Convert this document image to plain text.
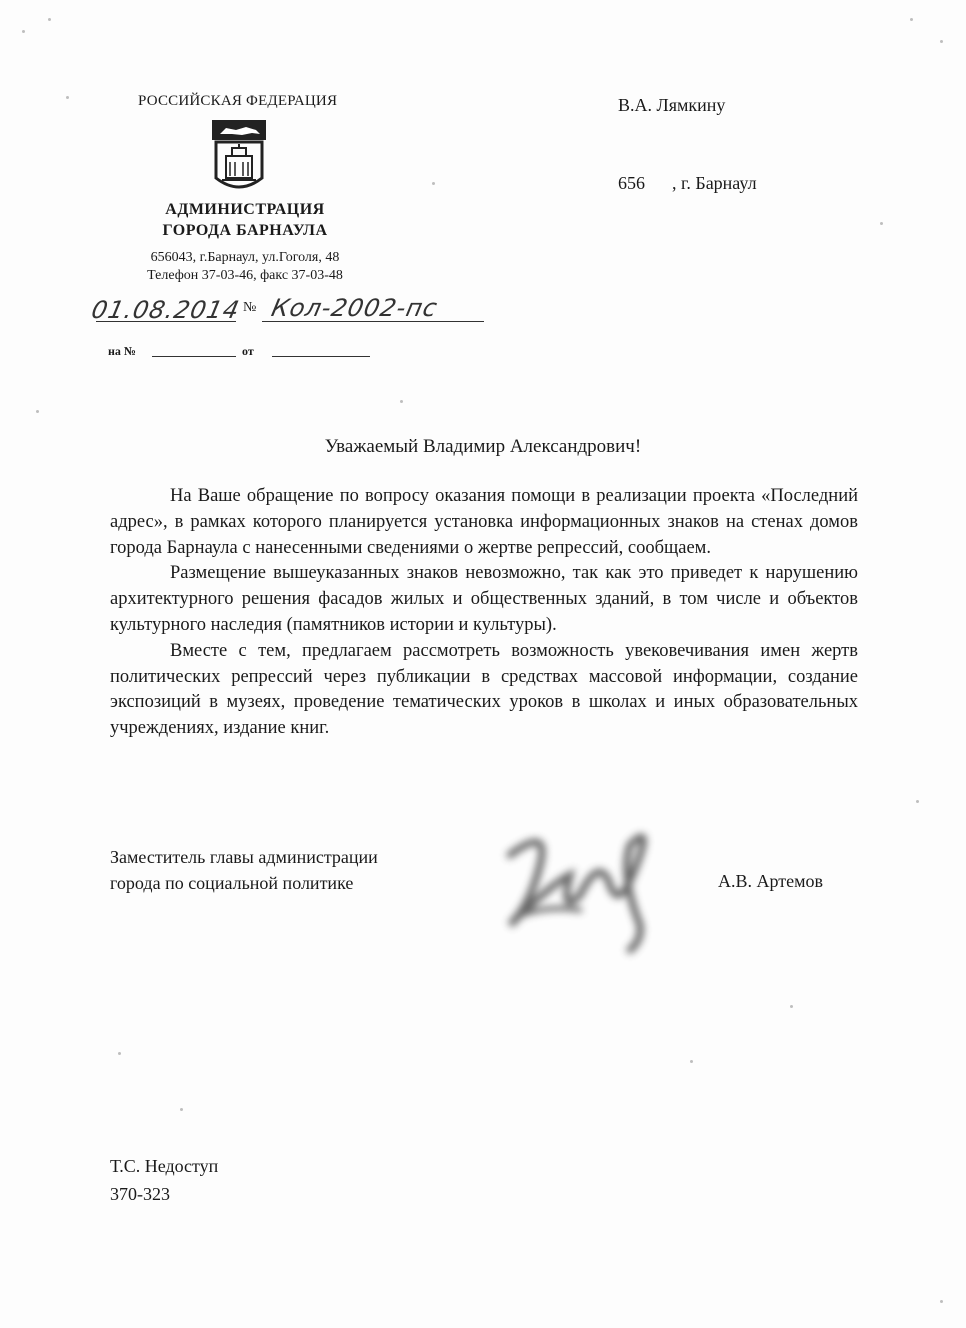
РОССИЙСКАЯ ФЕДЕРАЦИЯ
АДМИНИСТРАЦИЯ
ГОРОДА БАРНАУЛА
656043, г.Барнаул, ул.Гоголя, 48
Телефон 37-03-46, факс 37-03-48
01.08.2014 № Кол-2002-пс
на №	от
В.А. Лямкину
656      , г. Барнаул
Уважаемый Владимир Александрович!

На Ваше обращение по вопросу оказания помощи в реализации проекта «Последний адрес», в рамках которого планируется установка информационных знаков на стенах домов города Барнаула с нанесенными сведениями о жертве репрессий, сообщаем.

Размещение вышеуказанных знаков невозможно, так как это приведет к нарушению архитектурного решения фасадов жилых и общественных зданий, в том числе и объектов культурного наследия (памятников истории и культуры).

Вместе с тем, предлагаем рассмотреть возможность увековечивания имен жертв политических репрессий через публикации в средствах массовой информации, создание экспозиций в музеях, проведение тематических уроков в школах и иных образовательных учреждениях, издание книг.

Заместитель главы администрации
города по социальной политике	А.В. Артемов
Т.С. Недоступ
370-323
